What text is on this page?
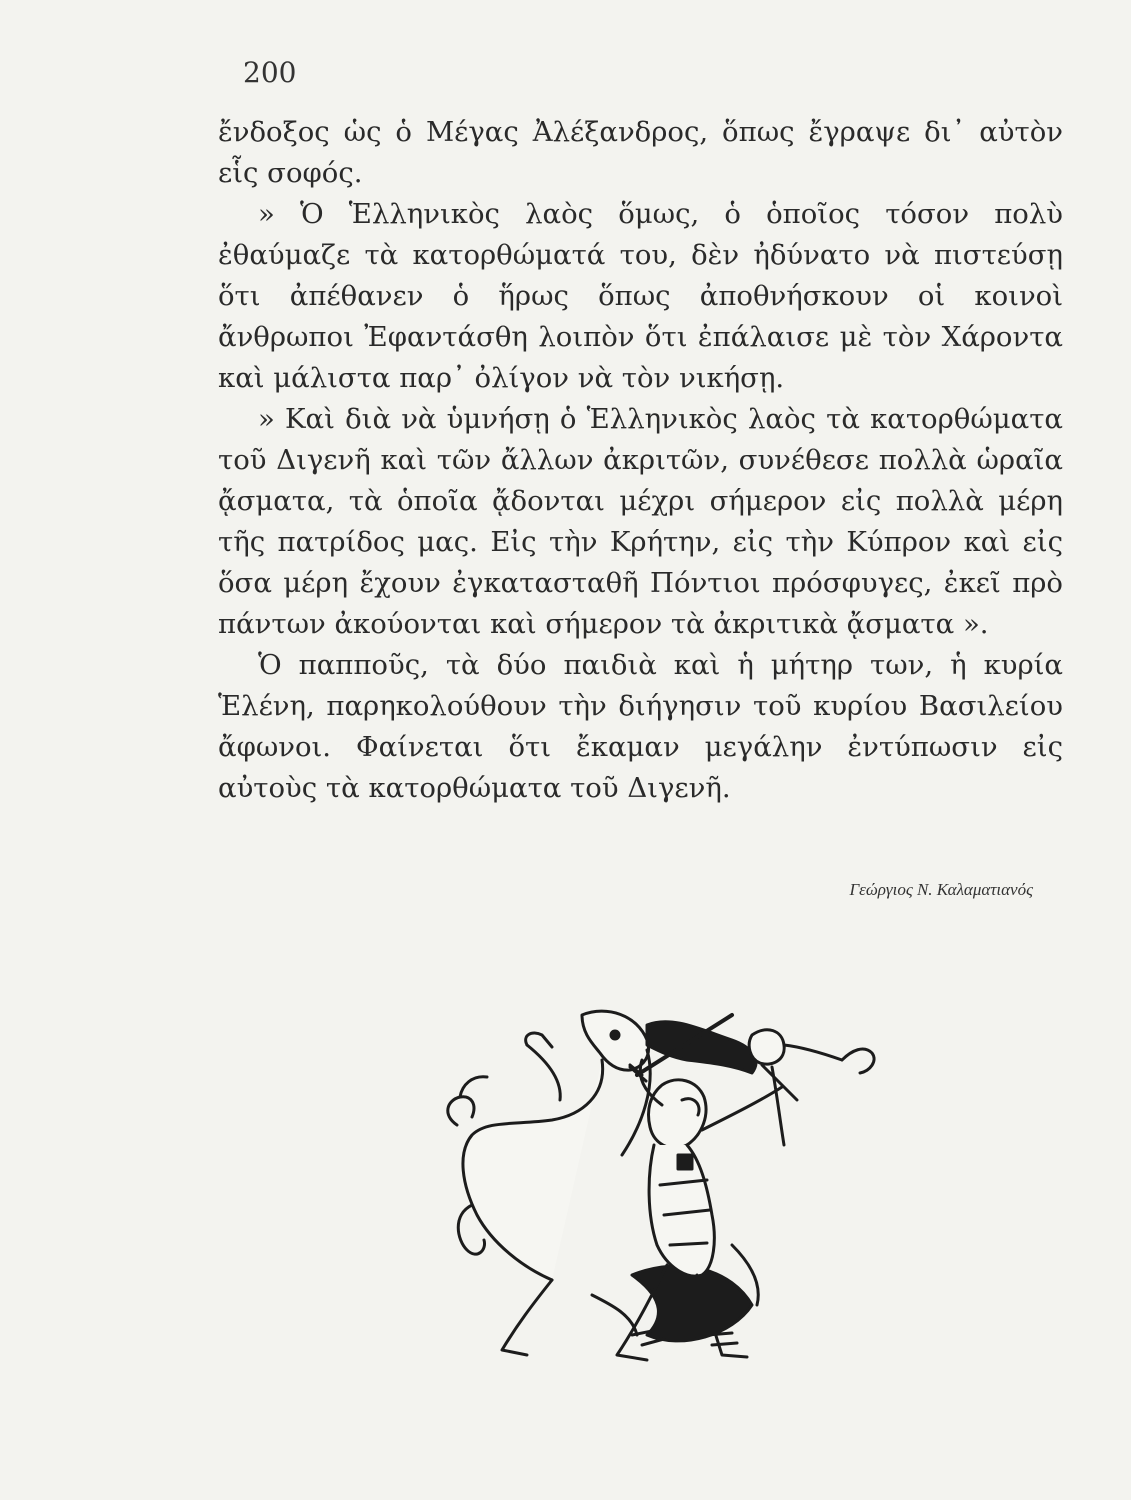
200

ἔνδοξος ὡς ὁ Μέγας Ἀλέξανδρος, ὅπως ἔγραψε δι᾽ αὐτὸν εἷς σοφός.

» Ὁ Ἑλληνικὸς λαὸς ὅμως, ὁ ὁποῖος τόσον πολὺ ἐθαύμαζε τὰ κατορθώματά του, δὲν ἠδύνατο νὰ πιστεύσῃ ὅτι ἀπέθανεν ὁ ἥρως ὅπως ἀποθνήσκουν οἱ κοινοὶ ἄνθρωποι Ἐφαντάσθη λοιπὸν ὅτι ἐπάλαισε μὲ τὸν Χάροντα καὶ μάλιστα παρ᾽ ὀλίγον νὰ τὸν νικήσῃ.

» Καὶ διὰ νὰ ὑμνήσῃ ὁ Ἑλληνικὸς λαὸς τὰ κατορθώματα τοῦ Διγενῆ καὶ τῶν ἄλλων ἀκριτῶν, συνέθεσε πολλὰ ὡραῖα ᾄσματα, τὰ ὁποῖα ᾄδονται μέχρι σήμερον εἰς πολλὰ μέρη τῆς πατρίδος μας. Εἰς τὴν Κρήτην, εἰς τὴν Κύπρον καὶ εἰς ὅσα μέρη ἔχουν ἐγκατασταθῆ Πόντιοι πρόσφυγες, ἐκεῖ πρὸ πάντων ἀκούονται καὶ σήμερον τὰ ἀκριτικὰ ᾄσματα ».

Ὁ παπποῦς, τὰ δύο παιδιὰ καὶ ἡ μήτηρ των, ἡ κυρία Ἑλένη, παρηκολούθουν τὴν διήγησιν τοῦ κυρίου Βασιλείου ἄφωνοι. Φαίνεται ὅτι ἔκαμαν μεγάλην ἐντύπωσιν εἰς αὐτοὺς τὰ κατορθώματα τοῦ Διγενῆ.

Γεώργιος Ν. Καλαματιανός
